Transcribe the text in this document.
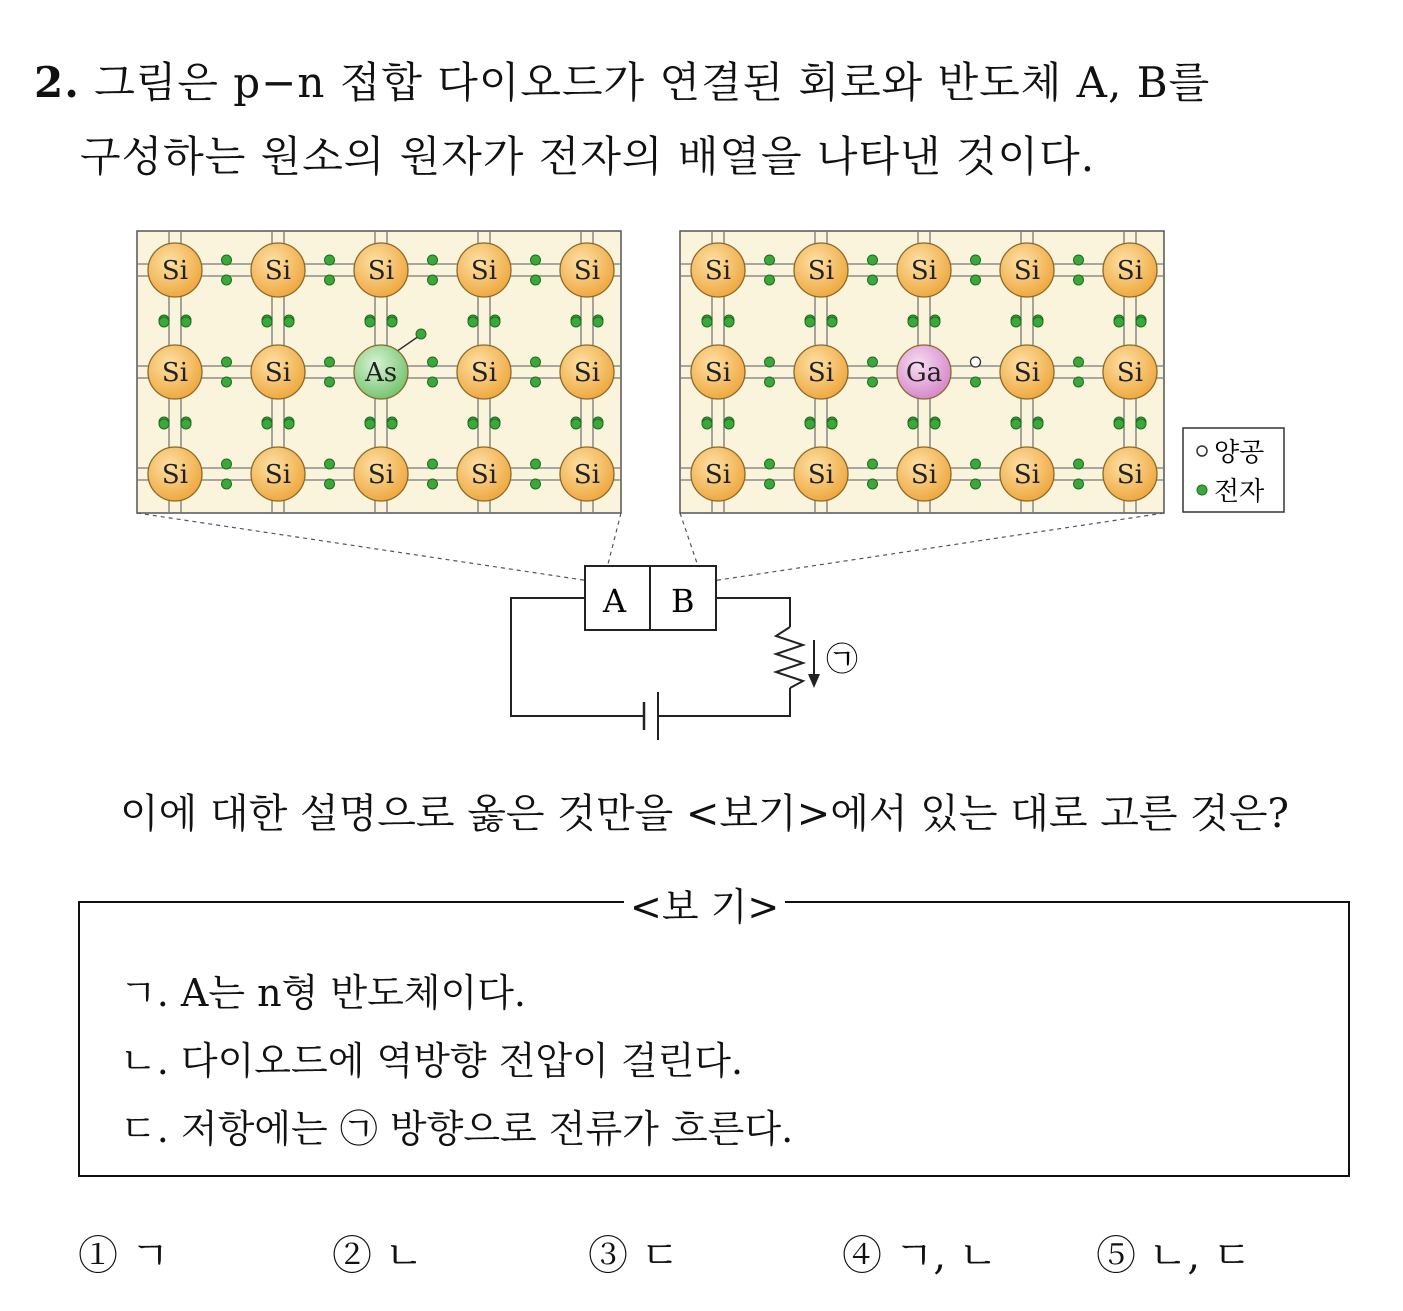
2. 그림은 p−n 접합 다이오드가 연결된 회로와 반도체 A, B를
구성하는 원소의 원자가 전자의 배열을 나타낸 것이다.
Si	Si	Si	Si	Si
Si	Si	As	Si	Si
Si	Si	Si	Si	Si
Si	Si	Si	Si	Si
Si	Si	Ga	Si	Si
Si	Si	Si	Si	Si
양공
전자
A B
㉠
이에 대한 설명으로 옳은 것만을 <보기>에서 있는 대로 고른 것은?
<보 기>
ㄱ. A는 n형 반도체이다.
ㄴ. 다이오드에 역방향 전압이 걸린다.
ㄷ. 저항에는 ㉠ 방향으로 전류가 흐른다.
① ㄱ	② ㄴ	③ ㄷ	④ ㄱ, ㄴ ⑤ ㄴ, ㄷ
